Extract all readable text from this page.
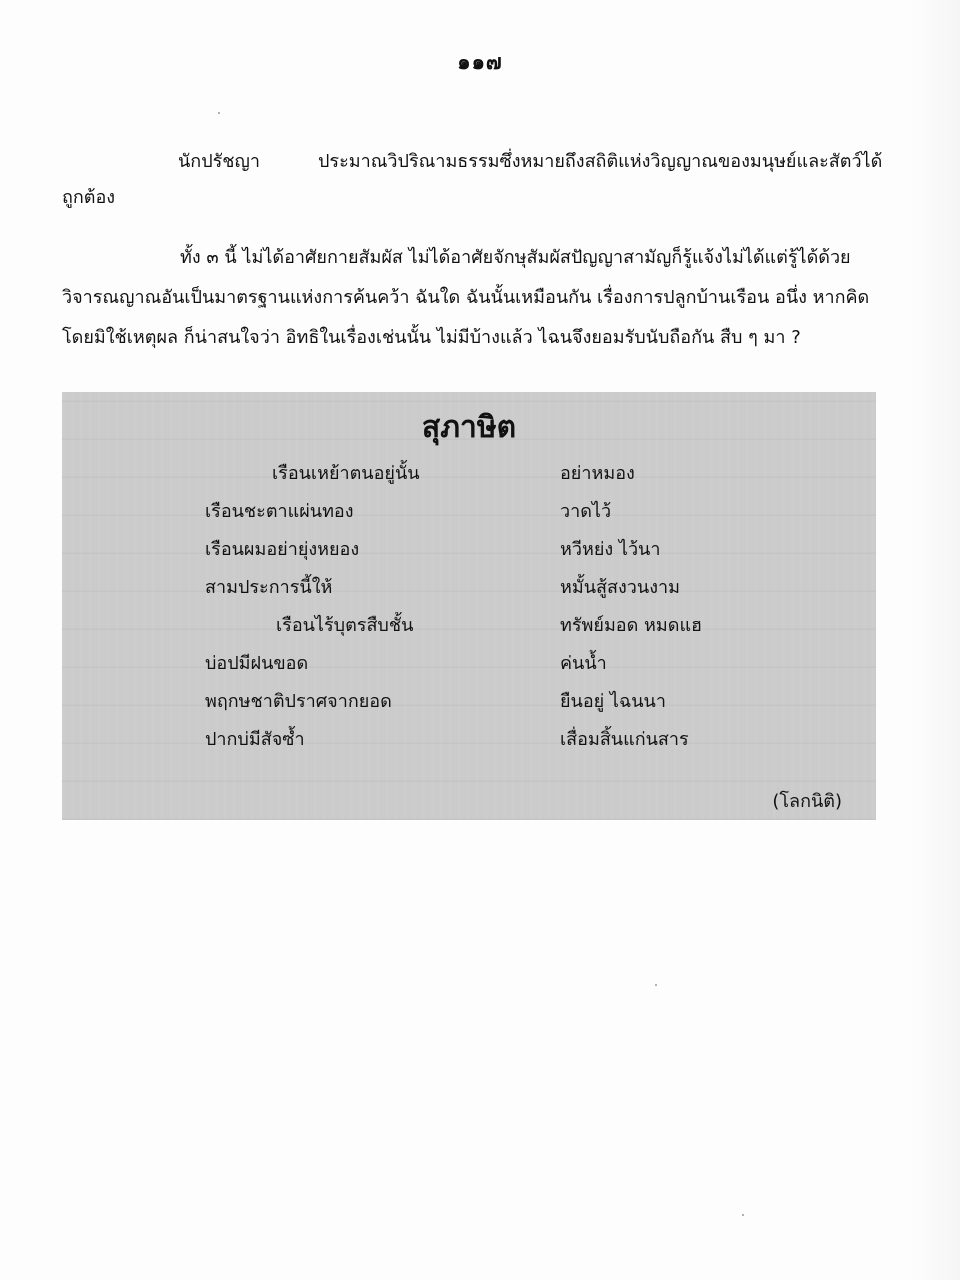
๑๑๗
นักปรัชญา	ประมาณวิปริณามธรรมซึ่งหมายถึงสถิติแห่งวิญญาณของมนุษย์และสัตว์ได้
ถูกต้อง
ทั้ง ๓ นี้ ไม่ได้อาศัยกายสัมผัส ไม่ได้อาศัยจักษุสัมผัสปัญญาสามัญก็รู้แจ้งไม่ได้แต่รู้ได้ด้วย
วิจารณญาณอันเป็นมาตรฐานแห่งการค้นคว้า ฉันใด ฉันนั้นเหมือนกัน เรื่องการปลูกบ้านเรือน อนึ่ง หากคิด
โดยมิใช้เหตุผล ก็น่าสนใจว่า อิทธิในเรื่องเช่นนั้น ไม่มีบ้างแล้ว ไฉนจึงยอมรับนับถือกัน สืบ ๆ มา ?
สุภาษิต
เรือนเหย้าตนอยู่นั้น	อย่าหมอง
เรือนชะตาแผ่นทอง	วาดไว้
เรือนผมอย่ายุ่งหยอง	หวีหย่ง ไว้นา
สามประการนี้ให้	หมั้นสู้สงวนงาม
เรือนไร้บุตรสืบชั้น	ทรัพย์มอด หมดแฮ
บ่อปมีฝนขอด	ค่นน้ำ
พฤกษชาติปราศจากยอด	ยืนอยู่ ไฉนนา
ปากบ่มีสัจซ้ำ	เสื่อมสิ้นแก่นสาร
(โลกนิติ)
